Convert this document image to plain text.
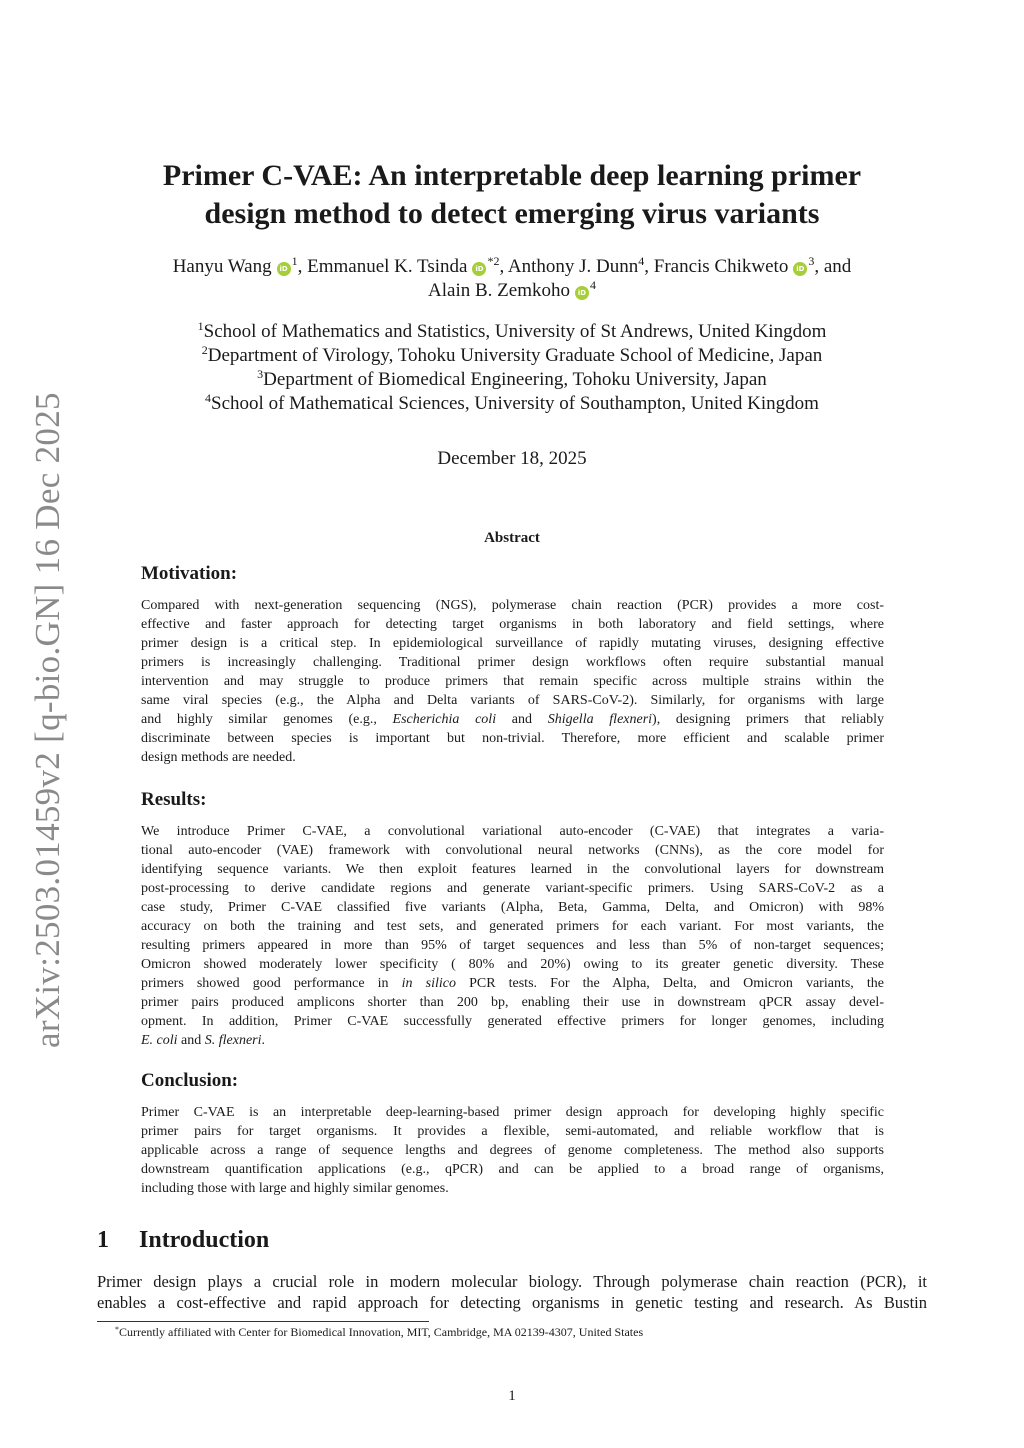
arXiv:2503.01459v2 [q-bio.GN] 16 Dec 2025
Primer C-VAE: An interpretable deep learning primer
design method to detect emerging virus variants
Hanyu Wang $iD^1$, Emmanuel K. Tsinda $iD^{*2}$, Anthony J. Dunn$^4$, Francis Chikweto $iD^3$, and
Alain B. Zemkoho $iD^4$
$^1$School of Mathematics and Statistics, University of St Andrews, United Kingdom
$^2$Department of Virology, Tohoku University Graduate School of Medicine, Japan
$^3$Department of Biomedical Engineering, Tohoku University, Japan
$^4$School of Mathematical Sciences, University of Southampton, United Kingdom
December 18, 2025
Abstract
Motivation:
Compared with next-generation sequencing (NGS), polymerase chain reaction (PCR) provides a more cost-
effective and faster approach for detecting target organisms in both laboratory and field settings, where
primer design is a critical step. In epidemiological surveillance of rapidly mutating viruses, designing effective
primers is increasingly challenging. Traditional primer design workflows often require substantial manual
intervention and may struggle to produce primers that remain specific across multiple strains within the
same viral species (e.g., the Alpha and Delta variants of SARS-CoV-2). Similarly, for organisms with large
and highly similar genomes (e.g., Escherichia coli and Shigella flexneri), designing primers that reliably
discriminate between species is important but non-trivial. Therefore, more efficient and scalable primer
design methods are needed.
Results:
We introduce Primer C-VAE, a convolutional variational auto-encoder (C-VAE) that integrates a varia-
tional auto-encoder (VAE) framework with convolutional neural networks (CNNs), as the core model for
identifying sequence variants. We then exploit features learned in the convolutional layers for downstream
post-processing to derive candidate regions and generate variant-specific primers. Using SARS-CoV-2 as a
case study, Primer C-VAE classified five variants (Alpha, Beta, Gamma, Delta, and Omicron) with 98%
accuracy on both the training and test sets, and generated primers for each variant. For most variants, the
resulting primers appeared in more than 95% of target sequences and less than 5% of non-target sequences;
Omicron showed moderately lower specificity ( 80% and 20%) owing to its greater genetic diversity. These
primers showed good performance in in silico PCR tests. For the Alpha, Delta, and Omicron variants, the
primer pairs produced amplicons shorter than 200 bp, enabling their use in downstream qPCR assay devel-
opment. In addition, Primer C-VAE successfully generated effective primers for longer genomes, including
E. coli and S. flexneri.
Conclusion:
Primer C-VAE is an interpretable deep-learning-based primer design approach for developing highly specific
primer pairs for target organisms. It provides a flexible, semi-automated, and reliable workflow that is
applicable across a range of sequence lengths and degrees of genome completeness. The method also supports
downstream quantification applications (e.g., qPCR) and can be applied to a broad range of organisms,
including those with large and highly similar genomes.
1 Introduction
Primer design plays a crucial role in modern molecular biology. Through polymerase chain reaction (PCR), it
enables a cost-effective and rapid approach for detecting organisms in genetic testing and research. As Bustin
*Currently affiliated with Center for Biomedical Innovation, MIT, Cambridge, MA 02139-4307, United States
1
